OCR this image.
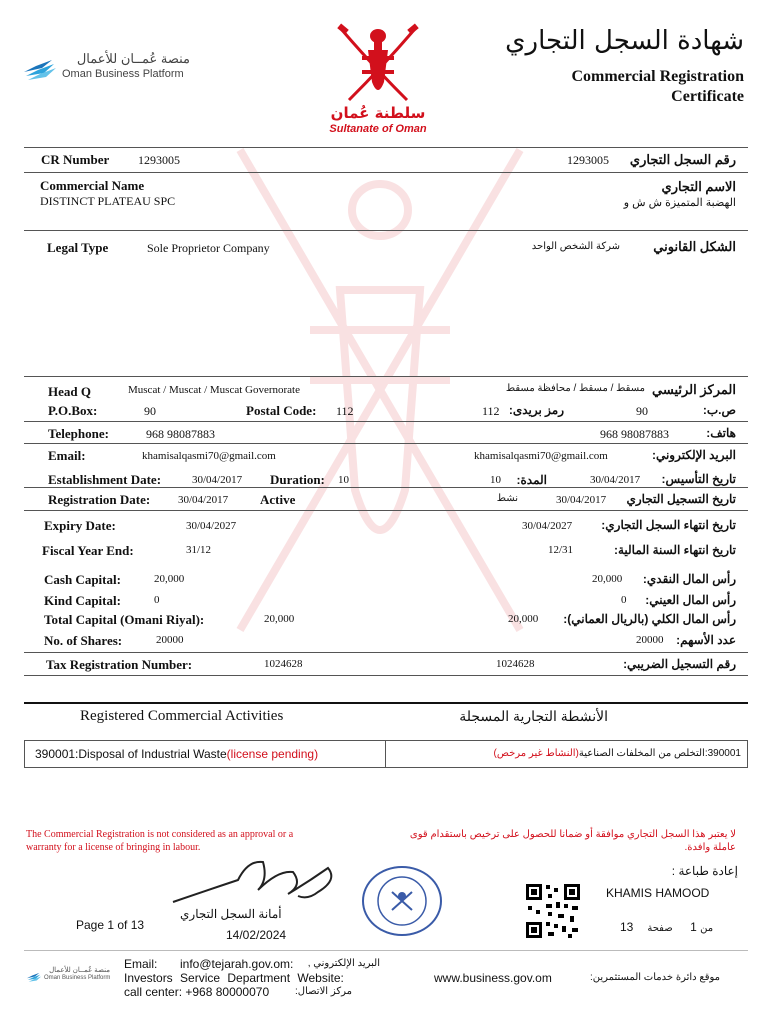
منصة عُمــان للأعمال
Oman Business Platform
سلطنة عُمان
Sultanate of Oman
شهادة السجل التجاري
Commercial Registration
Certificate
CR Number 1293005	1293005 رقم السجل التجاري
Commercial Name
DISTINCT PLATEAU SPC
الاسم التجاري
الهضبة المتميزة ش ش و
Legal Type	Sole Proprietor Company	شركة الشخص الواحد	الشكل القانوني
Head Q	Muscat / Muscat / Muscat Governorate	مسقط / مسقط / محافظة مسقط المركز الرئيسي
P.O.Box:	90	Postal Code: 112	112 رمز بريدى:	90	ص.ب:
Telephone:	968 98087883	968 98087883	هاتف:
Email:	khamisalqasmi70@gmail.com	khamisalqasmi70@gmail.com	البريد الإلكتروني:
Establishment Date:	30/04/2017 Duration: 10	10 المدة:	30/04/2017 تاريخ التأسيس:
Registration Date:	30/04/2017 Active	نشط	30/04/2017 تاريخ التسجيل التجاري
Expiry Date:	30/04/2027	30/04/2027 تاريخ انتهاء السجل التجاري:
Fiscal Year End:	31/12	12/31	تاريخ انتهاء السنة المالية:
Cash Capital:	20,000	20,000 رأس المال النقدي:
Kind Capital:	0	0 رأس المال العيني:
Total Capital (Omani Riyal):	20,000	20,000 رأس المال الكلي (بالريال العماني):
No. of Shares:	20000	20000 عدد الأسهم:
Tax Registration Number:	1024628	1024628	رقم التسجيل الضريبي:
Registered Commercial Activities	الأنشطة التجارية المسجلة
390001:Disposal of Industrial Waste(license pending)	390001:التخلص من المخلفات الصناعية(النشاط غير مرخص)
The Commercial Registration is not considered as an approval or a
warranty for a license of bringing in labour.
لا يعتبر هذا السجل التجاري موافقة أو ضمانا للحصول على ترخيص باستقدام قوى
عاملة وافدة.
إعادة طباعة :
أمانة السجل التجاري
14/02/2024
Page 1 of 13
KHAMIS HAMOOD
13	من 1 صفحة
منصة عُمــان للأعمال
Oman Business Platform
Email: info@tejarah.gov.om:	البريد الإلكتروني ,
Investors Service Department Website:	www.business.gov.om	موقع دائرة خدمات المستثمرين:
call center: +968 80000070	مركز الاتصال:
